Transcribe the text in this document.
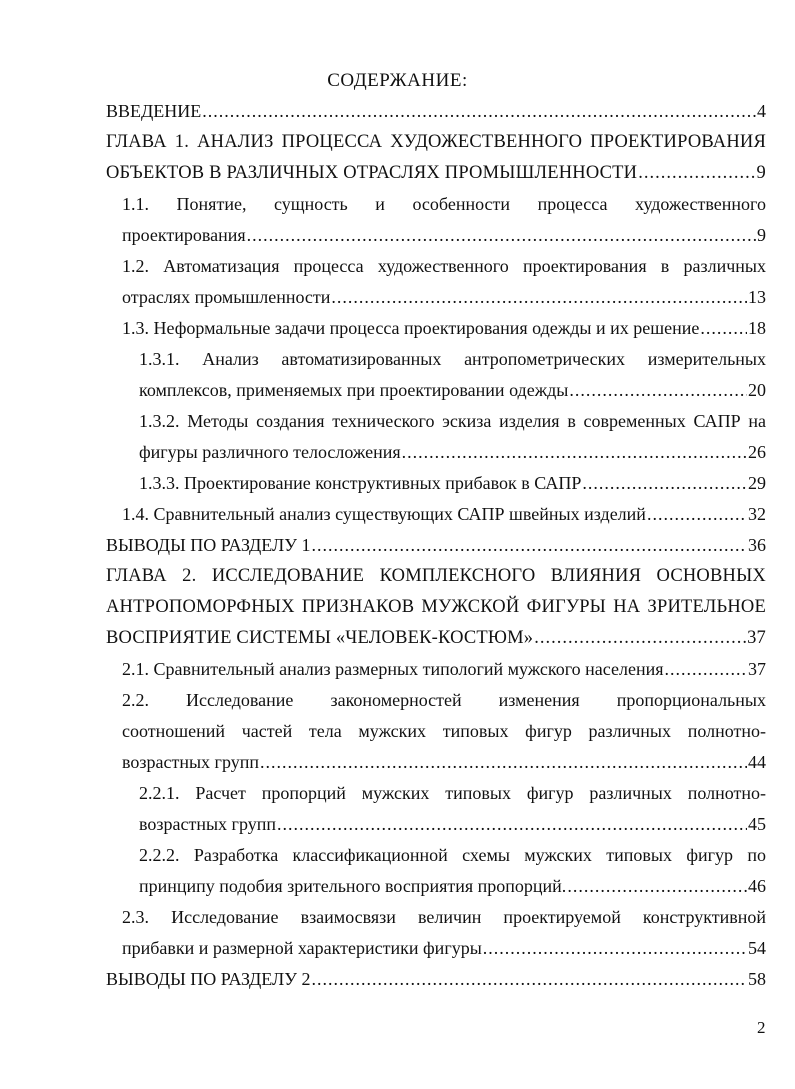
СОДЕРЖАНИЕ:
ВВЕДЕНИЕ .....	4
ГЛАВА 1. АНАЛИЗ ПРОЦЕССА ХУДОЖЕСТВЕННОГО ПРОЕКТИРОВАНИЯ
ОБЪЕКТОВ В РАЗЛИЧНЫХ ОТРАСЛЯХ ПРОМЫШЛЕННОСТИ .....	9
1.1. Понятие, сущность и особенности процесса художественного
проектирования .....	9
1.2. Автоматизация процесса художественного проектирования в различных
отраслях промышленности .....	13
1.3. Неформальные задачи процесса проектирования одежды и их решение .....	18
1.3.1. Анализ автоматизированных антропометрических измерительных
комплексов, применяемых при проектировании одежды .....	20
1.3.2. Методы создания технического эскиза изделия в современных САПР на
фигуры различного телосложения .....	26
1.3.3. Проектирование конструктивных прибавок в САПР .....	29
1.4. Сравнительный анализ существующих САПР швейных изделий .....	32
ВЫВОДЫ ПО РАЗДЕЛУ 1 .....	36
ГЛАВА 2. ИССЛЕДОВАНИЕ КОМПЛЕКСНОГО ВЛИЯНИЯ ОСНОВНЫХ
АНТРОПОМОРФНЫХ ПРИЗНАКОВ МУЖСКОЙ ФИГУРЫ НА ЗРИТЕЛЬНОЕ
ВОСПРИЯТИЕ СИСТЕМЫ «ЧЕЛОВЕК-КОСТЮМ» .....	37
2.1. Сравнительный анализ размерных типологий мужского населения .....	37
2.2. Исследование закономерностей изменения пропорциональных
соотношений частей тела мужских типовых фигур различных полнотно-
возрастных групп .....	44
2.2.1. Расчет пропорций мужских типовых фигур различных полнотно-
возрастных групп .....	45
2.2.2. Разработка классификационной схемы мужских типовых фигур по
принципу подобия зрительного восприятия пропорций. .....	46
2.3. Исследование взаимосвязи величин проектируемой конструктивной
прибавки и размерной характеристики фигуры .....	54
ВЫВОДЫ ПО РАЗДЕЛУ 2 .....	58
2
